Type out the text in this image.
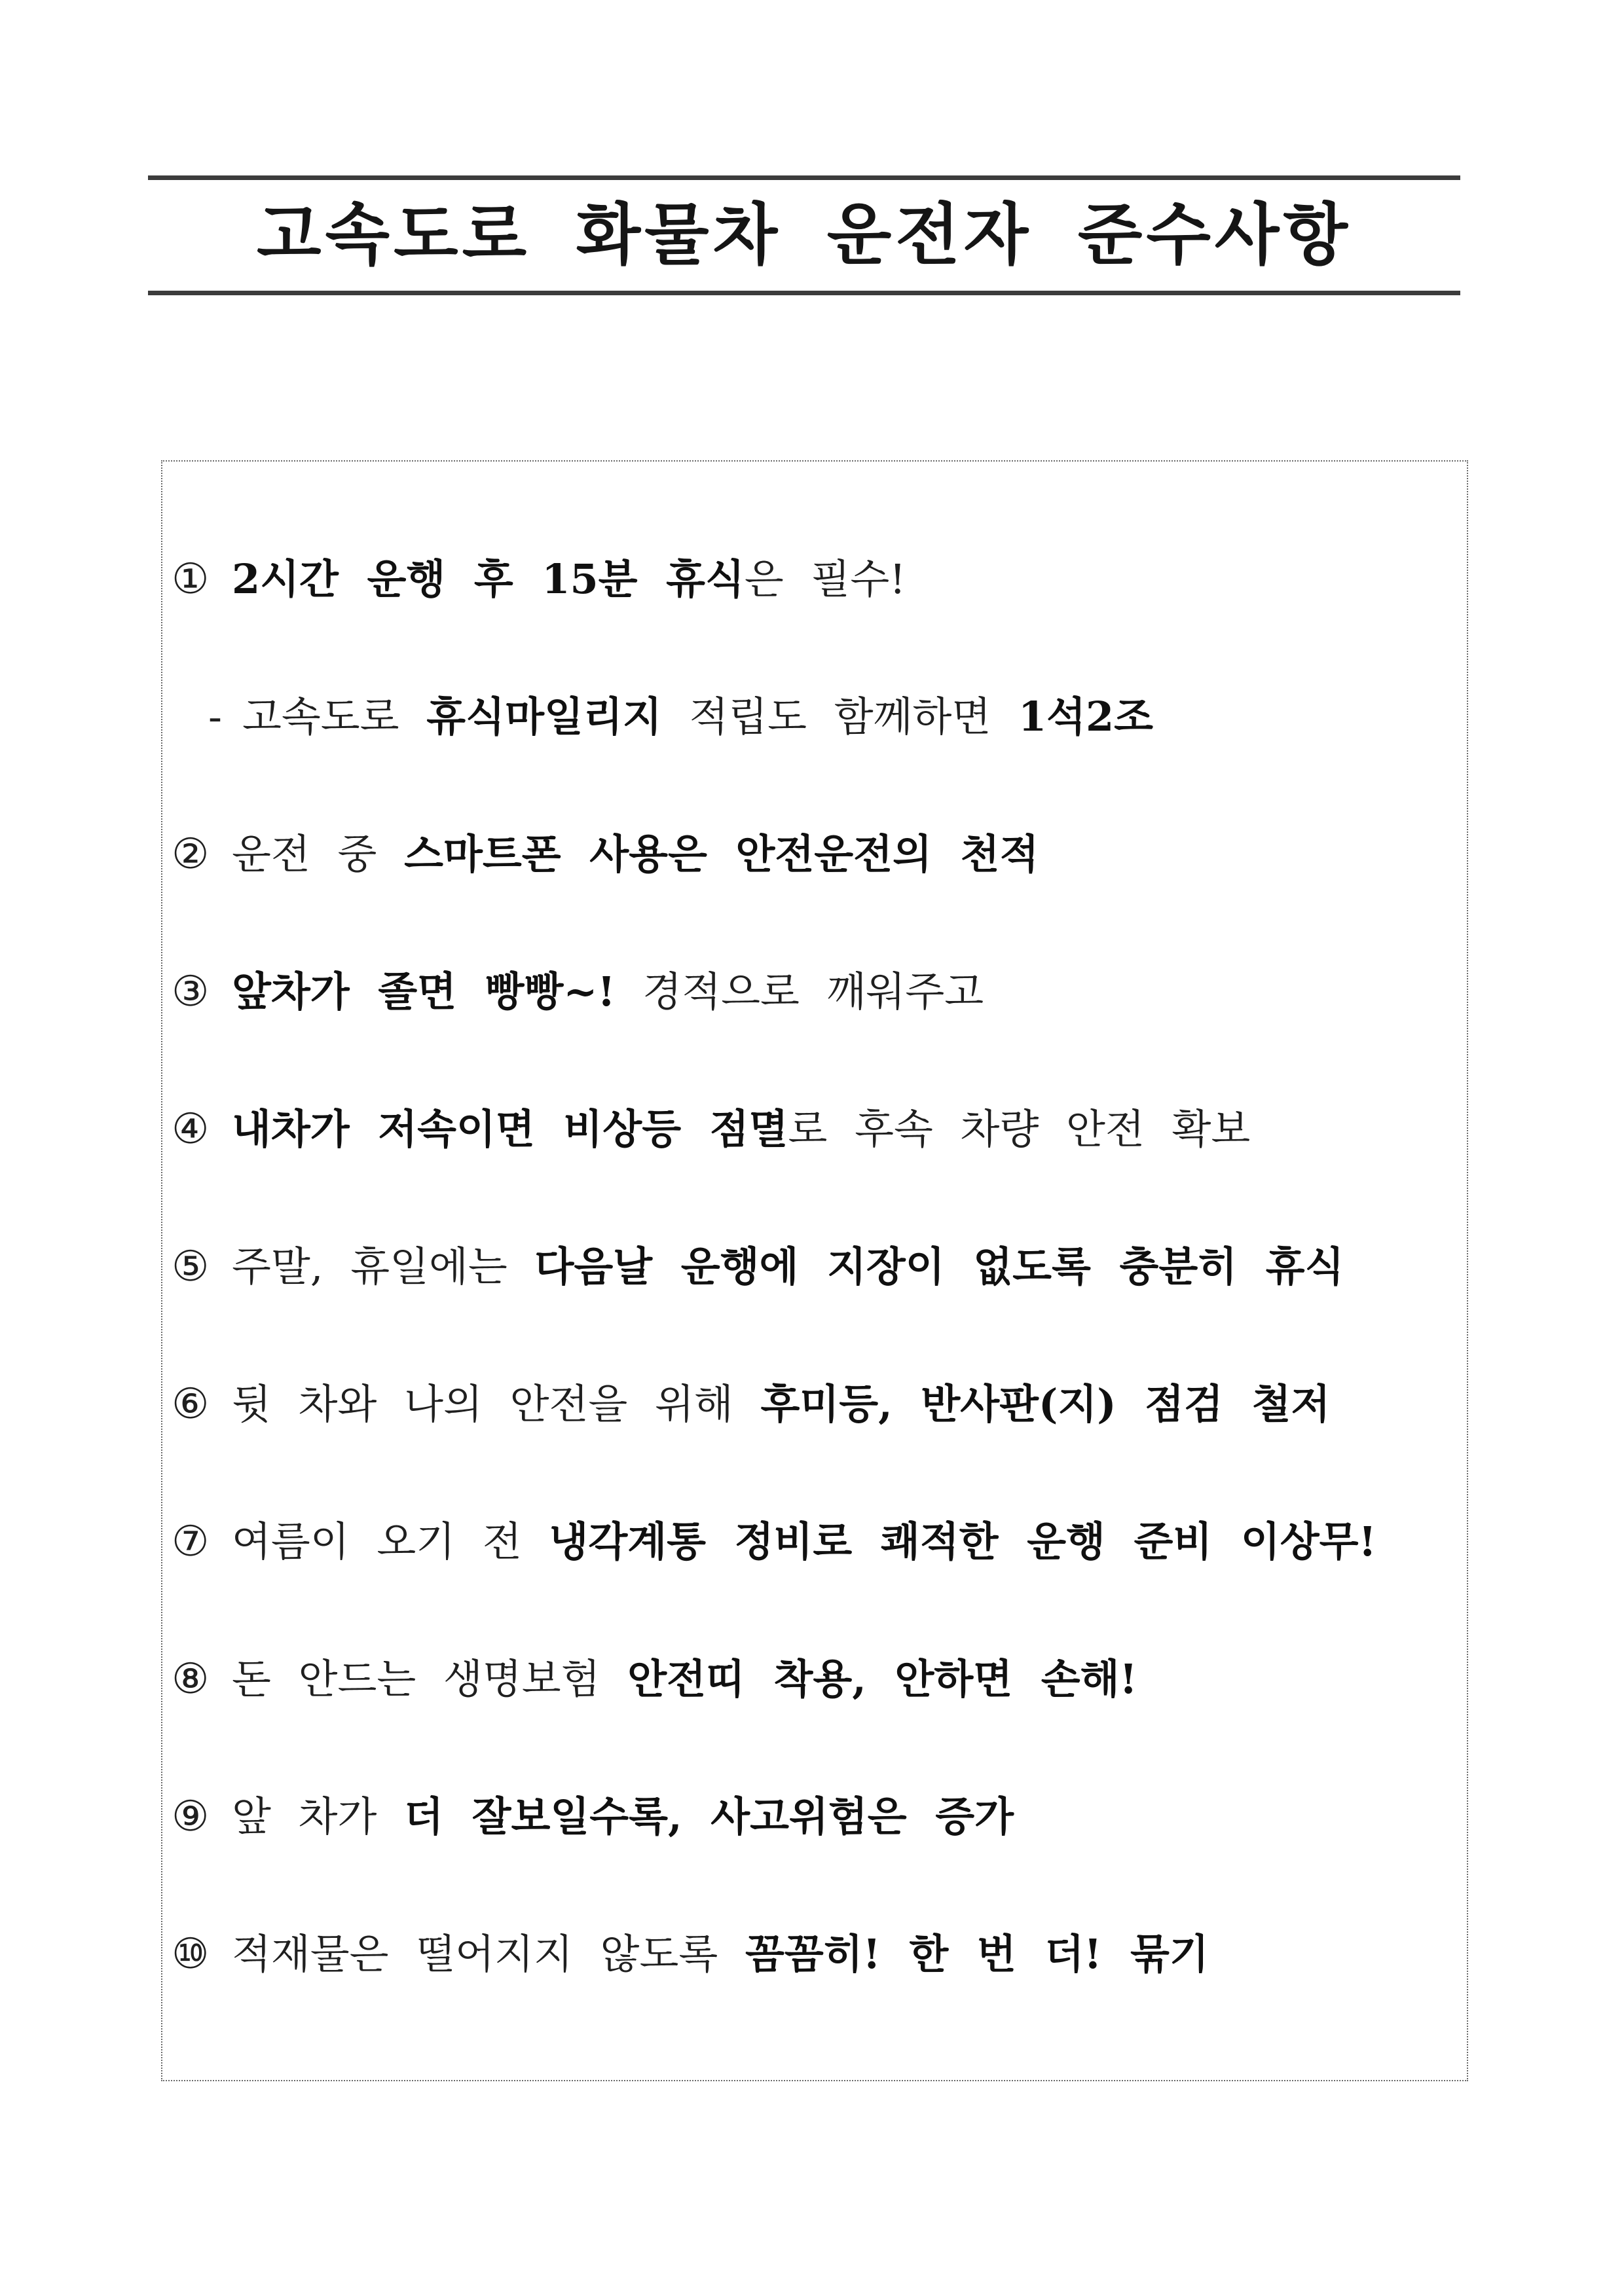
고속도로 화물차 운전자 준수사항
① 2시간 운행 후 15분 휴식은 필수!
- 고속도로 휴식마일리지 적립도 함께하면 1석2조
② 운전 중 스마트폰 사용은 안전운전의 천적
③ 앞차가 졸면 빵빵~! 경적으로 깨워주고
④ 내차가 저속이면 비상등 점멸로 후속 차량 안전 확보
⑤ 주말, 휴일에는 다음날 운행에 지장이 없도록 충분히 휴식
⑥ 뒷 차와 나의 안전을 위해 후미등, 반사판(지) 점검 철저
⑦ 여름이 오기 전 냉각계통 정비로 쾌적한 운행 준비 이상무!
⑧ 돈 안드는 생명보험 안전띠 착용, 안하면 손해!
⑨ 앞 차가 더 잘보일수록, 사고위험은 증가
⑩ 적재물은 떨어지지 않도록 꼼꼼히! 한 번 더! 묶기
